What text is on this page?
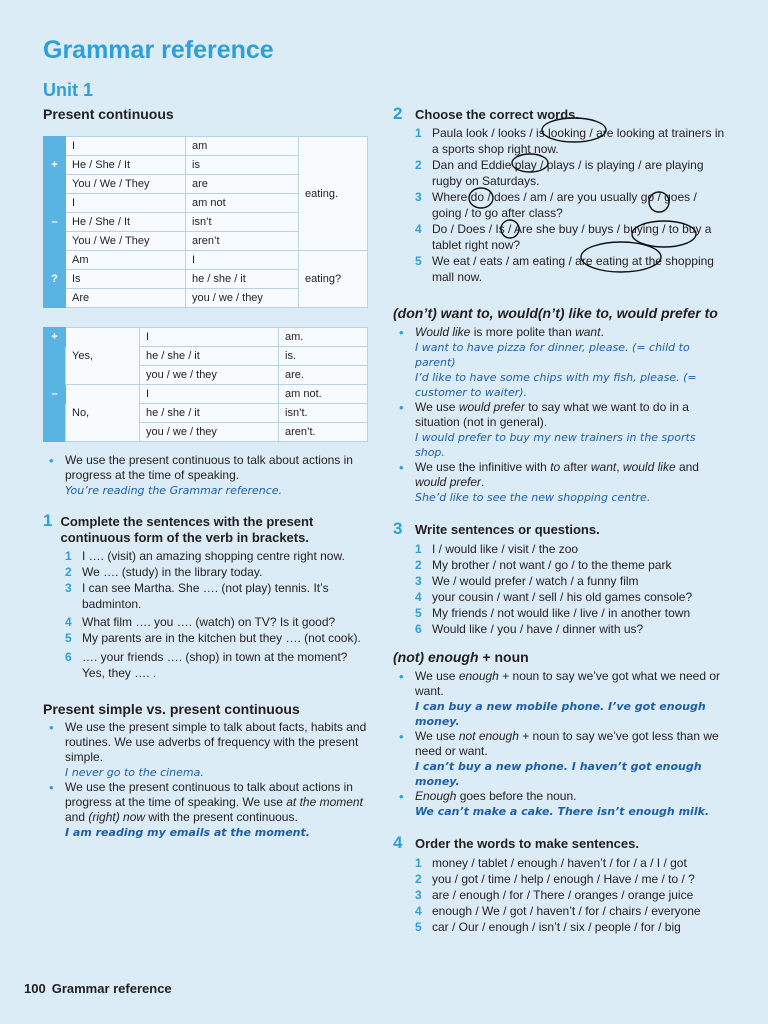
Grammar reference
Unit 1
Present continuous
	I	am	eating.
+	He / She / It	is	
	You / We / They	are	
	I	am not	
–	He / She / It	isn’t	
	You / We / They	aren’t	
	Am	I	eating?
?	Is	he / she / it	
	Are	you / we / they	
+	Yes,	I	am.
		he / she / it	is.
		you / we / they	are.
–	No,	I	am not.
		he / she / it	isn’t.
		you / we / they	aren’t.
• We use the present continuous to talk about actions in progress at the time of speaking.
You’re reading the Grammar reference.
1 Complete the sentences with the present continuous form of the verb in brackets.
1 I …. (visit) an amazing shopping centre right now.
2 We …. (study) in the library today.
3 I can see Martha. She …. (not play) tennis. It’s badminton.
4 What film …. you …. (watch) on TV? Is it good?
5 My parents are in the kitchen but they …. (not cook).
6 …. your friends …. (shop) in town at the moment? Yes, they …. .
Present simple vs. present continuous
• We use the present simple to talk about facts, habits and routines. We use adverbs of frequency with the present simple.
I never go to the cinema.
• We use the present continuous to talk about actions in progress at the time of speaking. We use at the moment and (right) now with the present continuous.
I am reading my emails at the moment.
2 Choose the correct words.
1 Paula look / looks / is looking / are looking at trainers in a sports shop right now.
2 Dan and Eddie play / plays / is playing / are playing rugby on Saturdays.
3 Where do / does / am / are you usually go / goes / going / to go after class?
4 Do / Does / Is / Are she buy / buys / buying / to buy a tablet right now?
5 We eat / eats / am eating / are eating at the shopping mall now.
(don’t) want to, would(n’t) like to, would prefer to
• Would like is more polite than want.
I want to have pizza for dinner, please. (= child to parent)
I’d like to have some chips with my fish, please. (= customer to waiter).
• We use would prefer to say what we want to do in a situation (not in general).
I would prefer to buy my new trainers in the sports shop.
• We use the infinitive with to after want, would like and would prefer.
She’d like to see the new shopping centre.
3 Write sentences or questions.
1 I / would like / visit / the zoo
2 My brother / not want / go / to the theme park
3 We / would prefer / watch / a funny film
4 your cousin / want / sell / his old games console?
5 My friends / not would like / live / in another town
6 Would like / you / have / dinner with us?
(not) enough + noun
• We use enough + noun to say we’ve got what we need or want.
I can buy a new mobile phone. I’ve got enough money.
• We use not enough + noun to say we’ve got less than we need or want.
I can’t buy a new phone. I haven’t got enough money.
• Enough goes before the noun.
We can’t make a cake. There isn’t enough milk.
4 Order the words to make sentences.
1 money / tablet / enough / haven’t / for / a / I / got
2 you / got / time / help / enough / Have / me / to / ?
3 are / enough / for / There / oranges / orange juice
4 enough / We / got / haven’t / for / chairs / everyone
5 car / Our / enough / isn’t / six / people / for / big
100 Grammar reference
